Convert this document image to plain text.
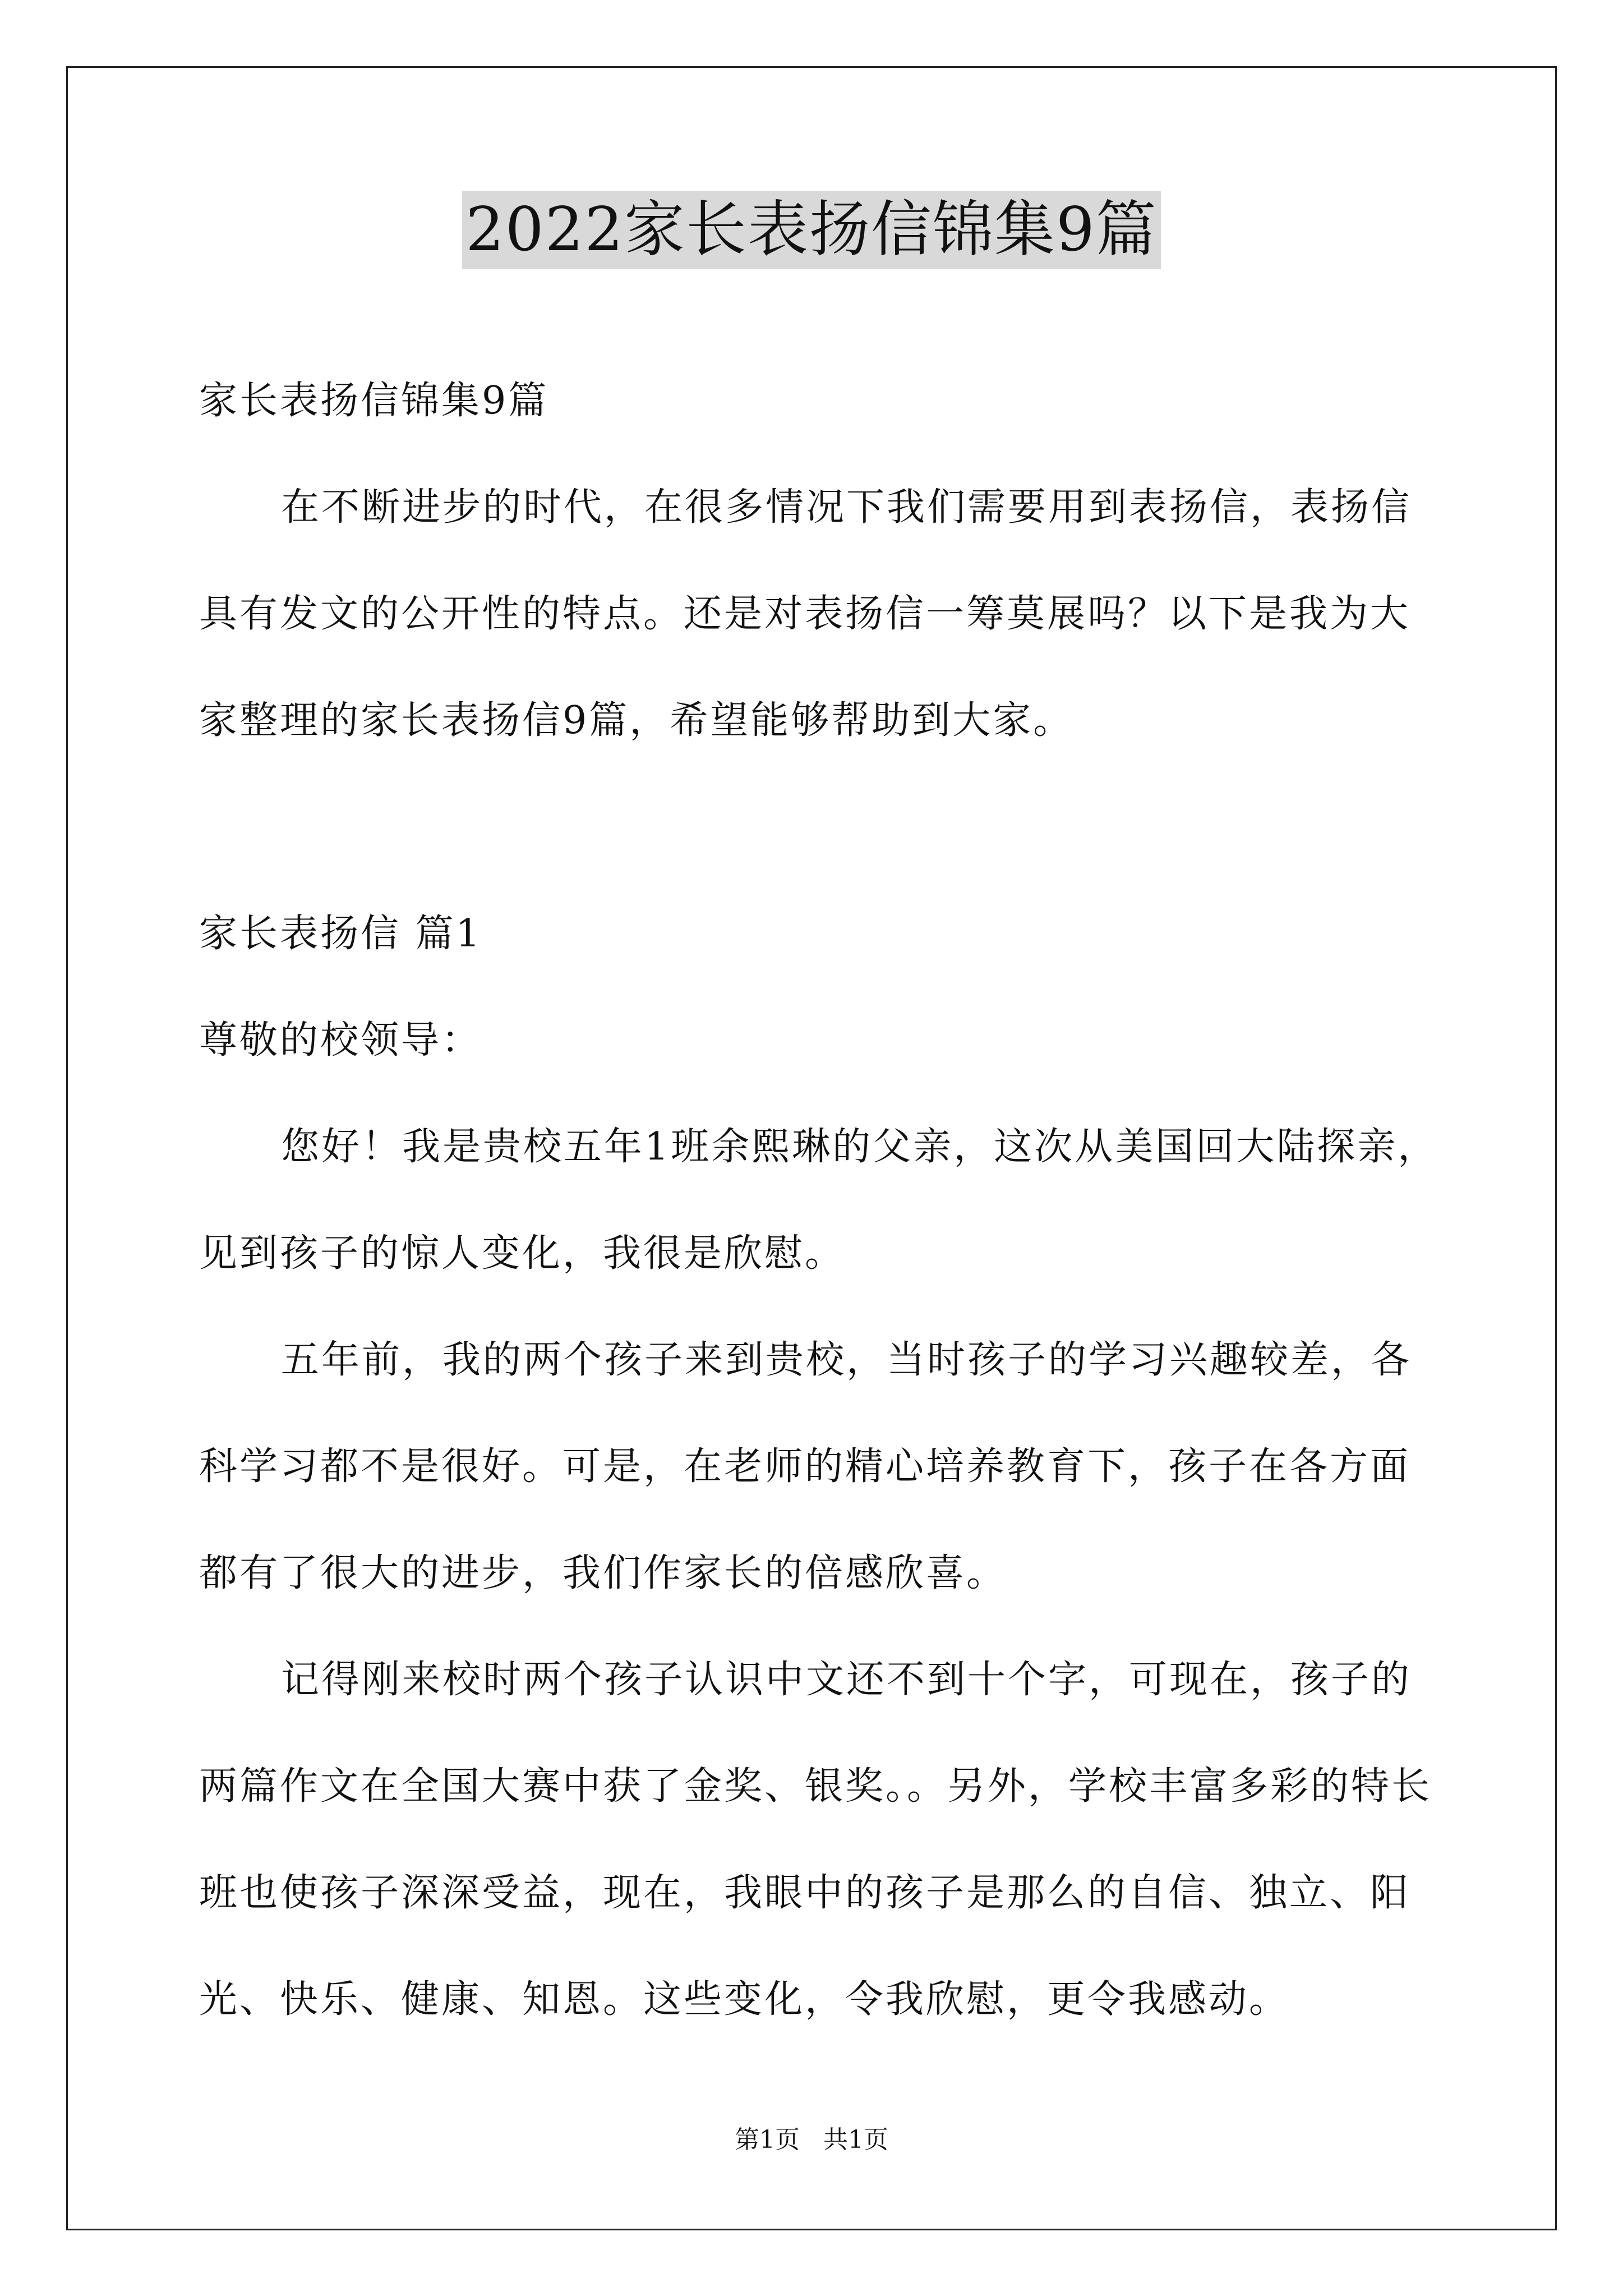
2022家长表扬信锦集9篇
家长表扬信锦集9篇
在不断进步的时代，在很多情况下我们需要用到表扬信，表扬信
具有发文的公开性的特点。还是对表扬信一筹莫展吗？以下是我为大
家整理的家长表扬信9篇，希望能够帮助到大家。
家长表扬信 篇1
尊敬的校领导：
您好！我是贵校五年1班余熙琳的父亲，这次从美国回大陆探亲，
见到孩子的惊人变化，我很是欣慰。
五年前，我的两个孩子来到贵校，当时孩子的学习兴趣较差，各
科学习都不是很好。可是，在老师的精心培养教育下，孩子在各方面
都有了很大的进步，我们作家长的倍感欣喜。
记得刚来校时两个孩子认识中文还不到十个字，可现在，孩子的
两篇作文在全国大赛中获了金奖、银奖。。另外，学校丰富多彩的特长
班也使孩子深深受益，现在，我眼中的孩子是那么的自信、独立、阳
光、快乐、健康、知恩。这些变化，令我欣慰，更令我感动。
第1页 共1页
